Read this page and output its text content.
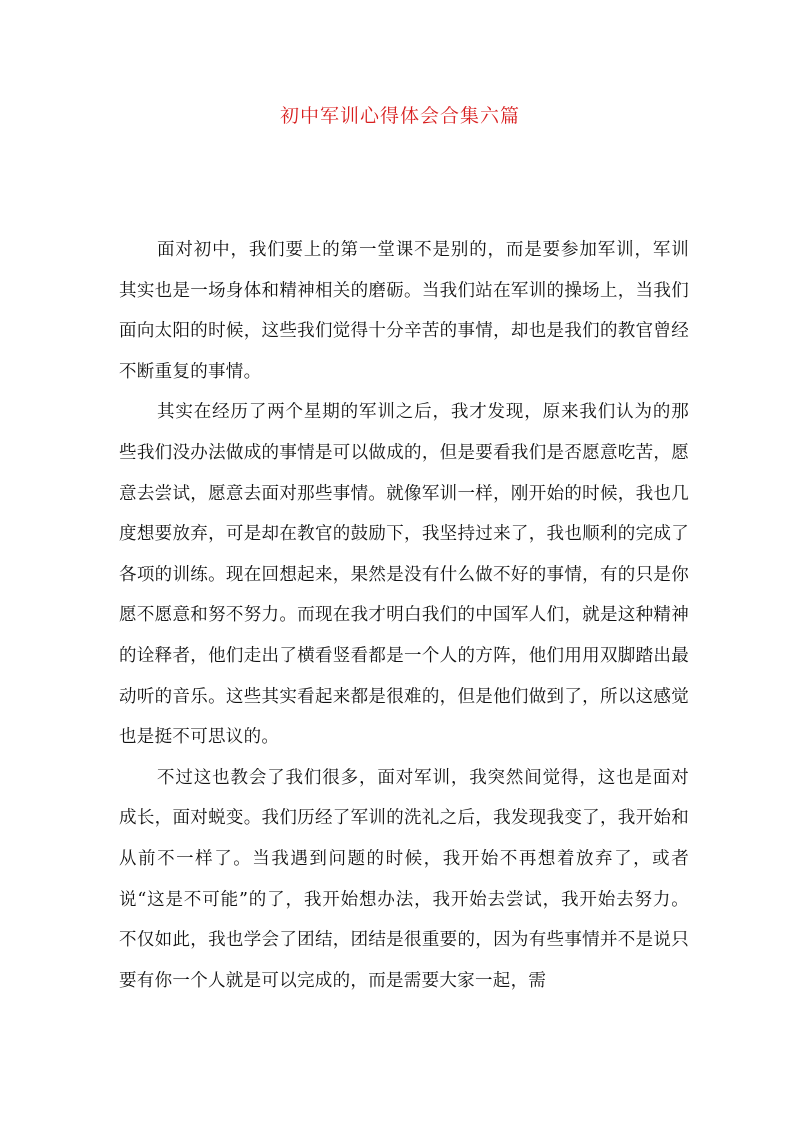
初中军训心得体会合集六篇

面对初中，我们要上的第一堂课不是别的，而是要参加军训，军训其实也是一场身体和精神相关的磨砺。当我们站在军训的操场上，当我们面向太阳的时候，这些我们觉得十分辛苦的事情，却也是我们的教官曾经不断重复的事情。

其实在经历了两个星期的军训之后，我才发现，原来我们认为的那些我们没办法做成的事情是可以做成的，但是要看我们是否愿意吃苦，愿意去尝试，愿意去面对那些事情。就像军训一样，刚开始的时候，我也几度想要放弃，可是却在教官的鼓励下，我坚持过来了，我也顺利的完成了各项的训练。现在回想起来，果然是没有什么做不好的事情，有的只是你愿不愿意和努不努力。而现在我才明白我们的中国军人们，就是这种精神的诠释者，他们走出了横看竖看都是一个人的方阵，他们用用双脚踏出最动听的音乐。这些其实看起来都是很难的，但是他们做到了，所以这感觉也是挺不可思议的。

不过这也教会了我们很多，面对军训，我突然间觉得，这也是面对成长，面对蜕变。我们历经了军训的洗礼之后，我发现我变了，我开始和从前不一样了。当我遇到问题的时候，我开始不再想着放弃了，或者说“这是不可能”的了，我开始想办法，我开始去尝试，我开始去努力。不仅如此，我也学会了团结，团结是很重要的，因为有些事情并不是说只要有你一个人就是可以完成的，而是需要大家一起，需
